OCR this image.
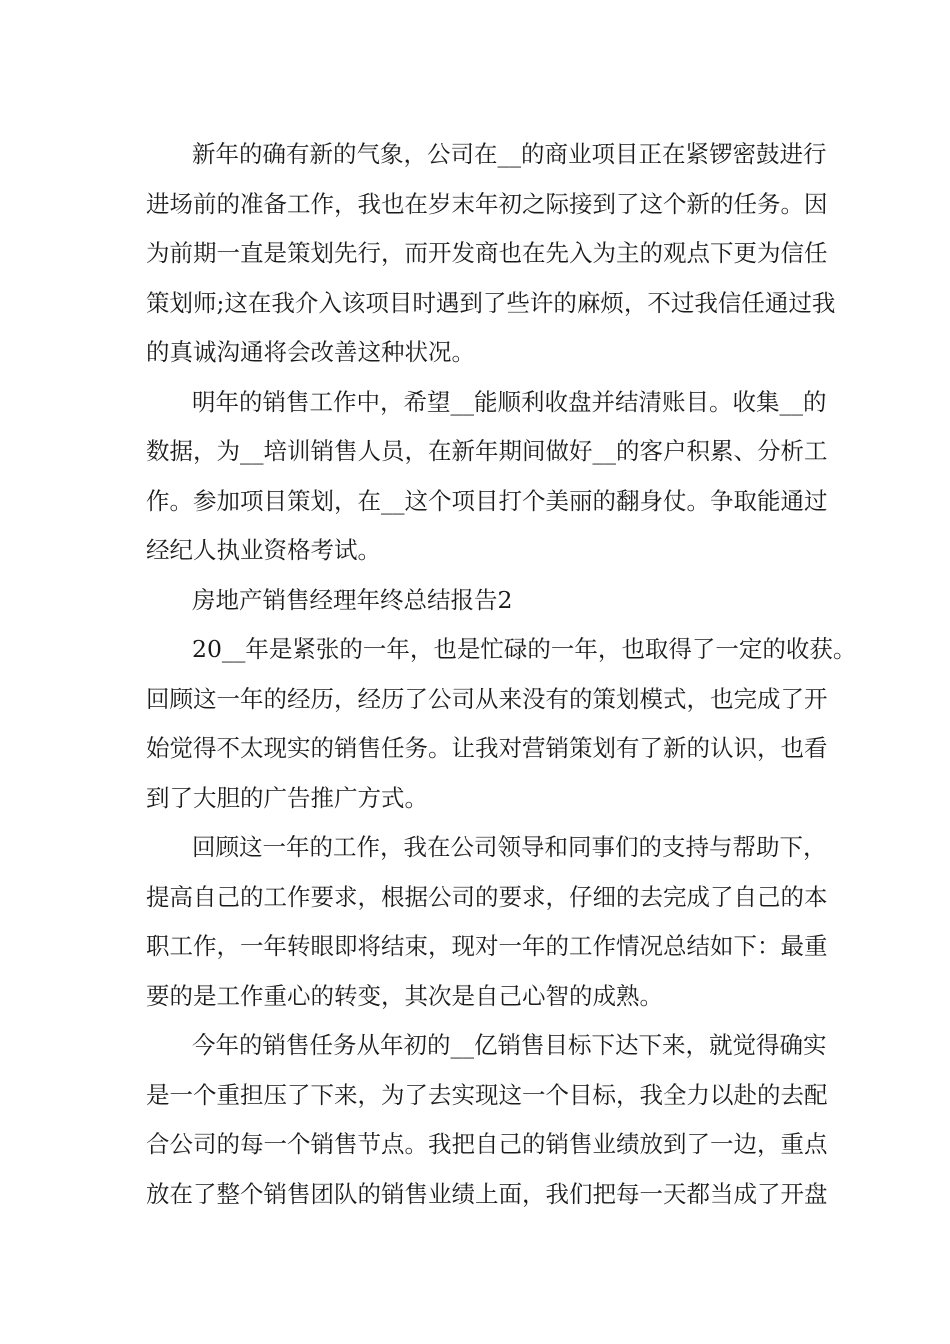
新年的确有新的气象，公司在__的商业项目正在紧锣密鼓进行
进场前的准备工作，我也在岁末年初之际接到了这个新的任务。因
为前期一直是策划先行，而开发商也在先入为主的观点下更为信任
策划师;这在我介入该项目时遇到了些许的麻烦，不过我信任通过我
的真诚沟通将会改善这种状况。
明年的销售工作中，希望__能顺利收盘并结清账目。收集__的
数据，为__培训销售人员，在新年期间做好__的客户积累、分析工
作。参加项目策划，在__这个项目打个美丽的翻身仗。争取能通过
经纪人执业资格考试。
房地产销售经理年终总结报告2
20__年是紧张的一年，也是忙碌的一年，也取得了一定的收获。
回顾这一年的经历，经历了公司从来没有的策划模式，也完成了开
始觉得不太现实的销售任务。让我对营销策划有了新的认识，也看
到了大胆的广告推广方式。
回顾这一年的工作，我在公司领导和同事们的支持与帮助下，
提高自己的工作要求，根据公司的要求，仔细的去完成了自己的本
职工作，一年转眼即将结束，现对一年的工作情况总结如下：最重
要的是工作重心的转变，其次是自己心智的成熟。
今年的销售任务从年初的__亿销售目标下达下来，就觉得确实
是一个重担压了下来，为了去实现这一个目标，我全力以赴的去配
合公司的每一个销售节点。我把自己的销售业绩放到了一边，重点
放在了整个销售团队的销售业绩上面，我们把每一天都当成了开盘
